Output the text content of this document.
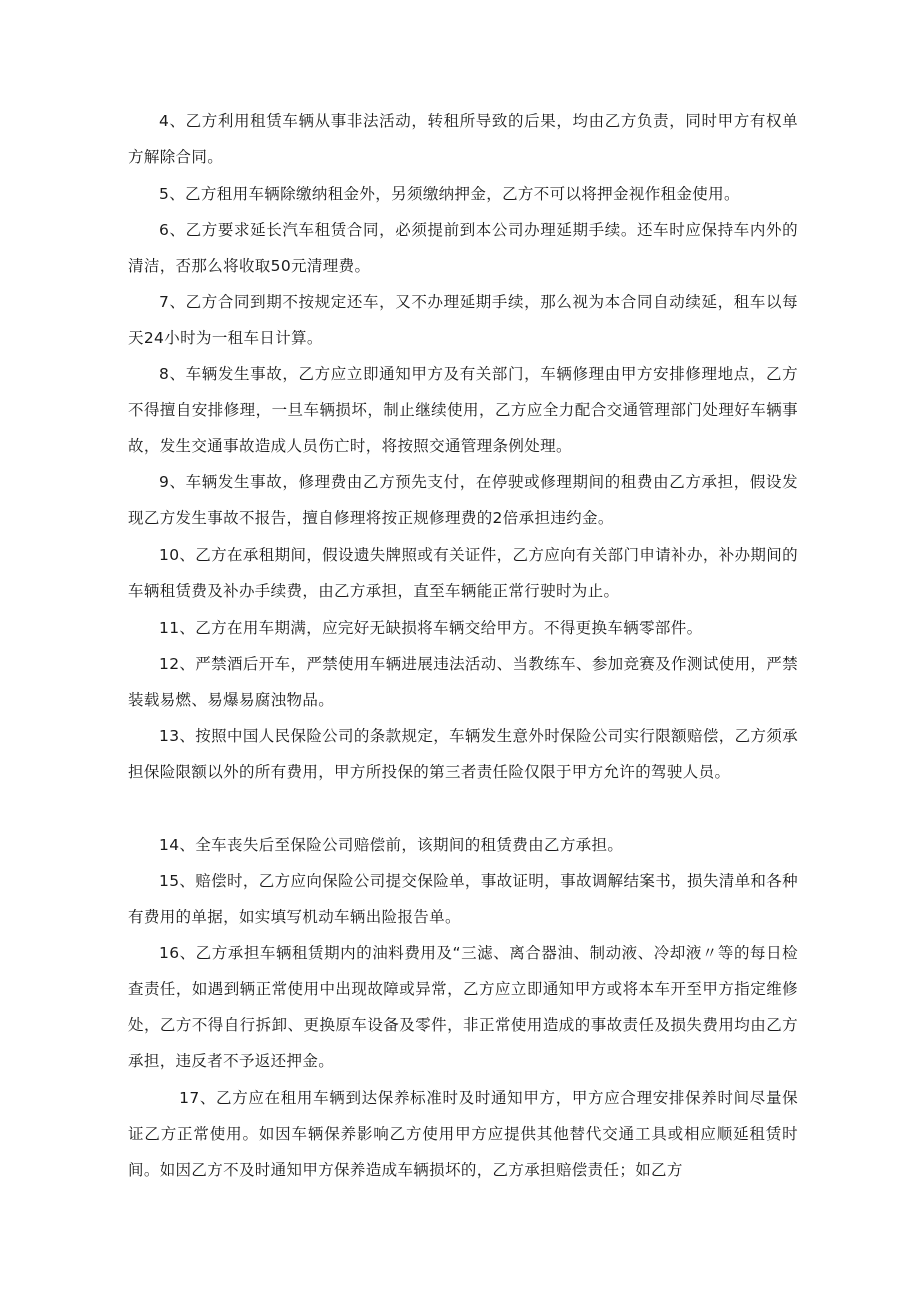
4、乙方利用租赁车辆从事非法活动，转租所导致的后果，均由乙方负责，同时甲方有权单方解除合同。

5、乙方租用车辆除缴纳租金外，另须缴纳押金，乙方不可以将押金视作租金使用。

6、乙方要求延长汽车租赁合同，必须提前到本公司办理延期手续。还车时应保持车内外的清洁，否那么将收取50元清理费。

7、乙方合同到期不按规定还车，又不办理延期手续，那么视为本合同自动续延，租车以每天24小时为一租车日计算。

8、车辆发生事故，乙方应立即通知甲方及有关部门，车辆修理由甲方安排修理地点，乙方不得擅自安排修理，一旦车辆损坏，制止继续使用，乙方应全力配合交通管理部门处理好车辆事故，发生交通事故造成人员伤亡时，将按照交通管理条例处理。

9、车辆发生事故，修理费由乙方预先支付，在停驶或修理期间的租费由乙方承担，假设发现乙方发生事故不报告，擅自修理将按正规修理费的2倍承担违约金。

10、乙方在承租期间，假设遗失牌照或有关证件，乙方应向有关部门申请补办，补办期间的车辆租赁费及补办手续费，由乙方承担，直至车辆能正常行驶时为止。

11、乙方在用车期满，应完好无缺损将车辆交给甲方。不得更换车辆零部件。

12、严禁酒后开车，严禁使用车辆进展违法活动、当教练车、参加竞赛及作测试使用，严禁装载易燃、易爆易腐浊物品。

13、按照中国人民保险公司的条款规定，车辆发生意外时保险公司实行限额赔偿，乙方须承担保险限额以外的所有费用，甲方所投保的第三者责任险仅限于甲方允许的驾驶人员。

14、全车丧失后至保险公司赔偿前，该期间的租赁费由乙方承担。

15、赔偿时，乙方应向保险公司提交保险单，事故证明，事故调解结案书，损失清单和各种有费用的单据，如实填写机动车辆出险报告单。

16、乙方承担车辆租赁期内的油料费用及“三滤、离合器油、制动液、冷却液〃等的每日检查责任，如遇到辆正常使用中出现故障或异常，乙方应立即通知甲方或将本车开至甲方指定维修处，乙方不得自行拆卸、更换原车设备及零件，非正常使用造成的事故责任及损失费用均由乙方承担，违反者不予返还押金。

17、乙方应在租用车辆到达保养标准时及时通知甲方，甲方应合理安排保养时间尽量保证乙方正常使用。如因车辆保养影响乙方使用甲方应提供其他替代交通工具或相应顺延租赁时间。如因乙方不及时通知甲方保养造成车辆损坏的，乙方承担赔偿责任；如乙方
